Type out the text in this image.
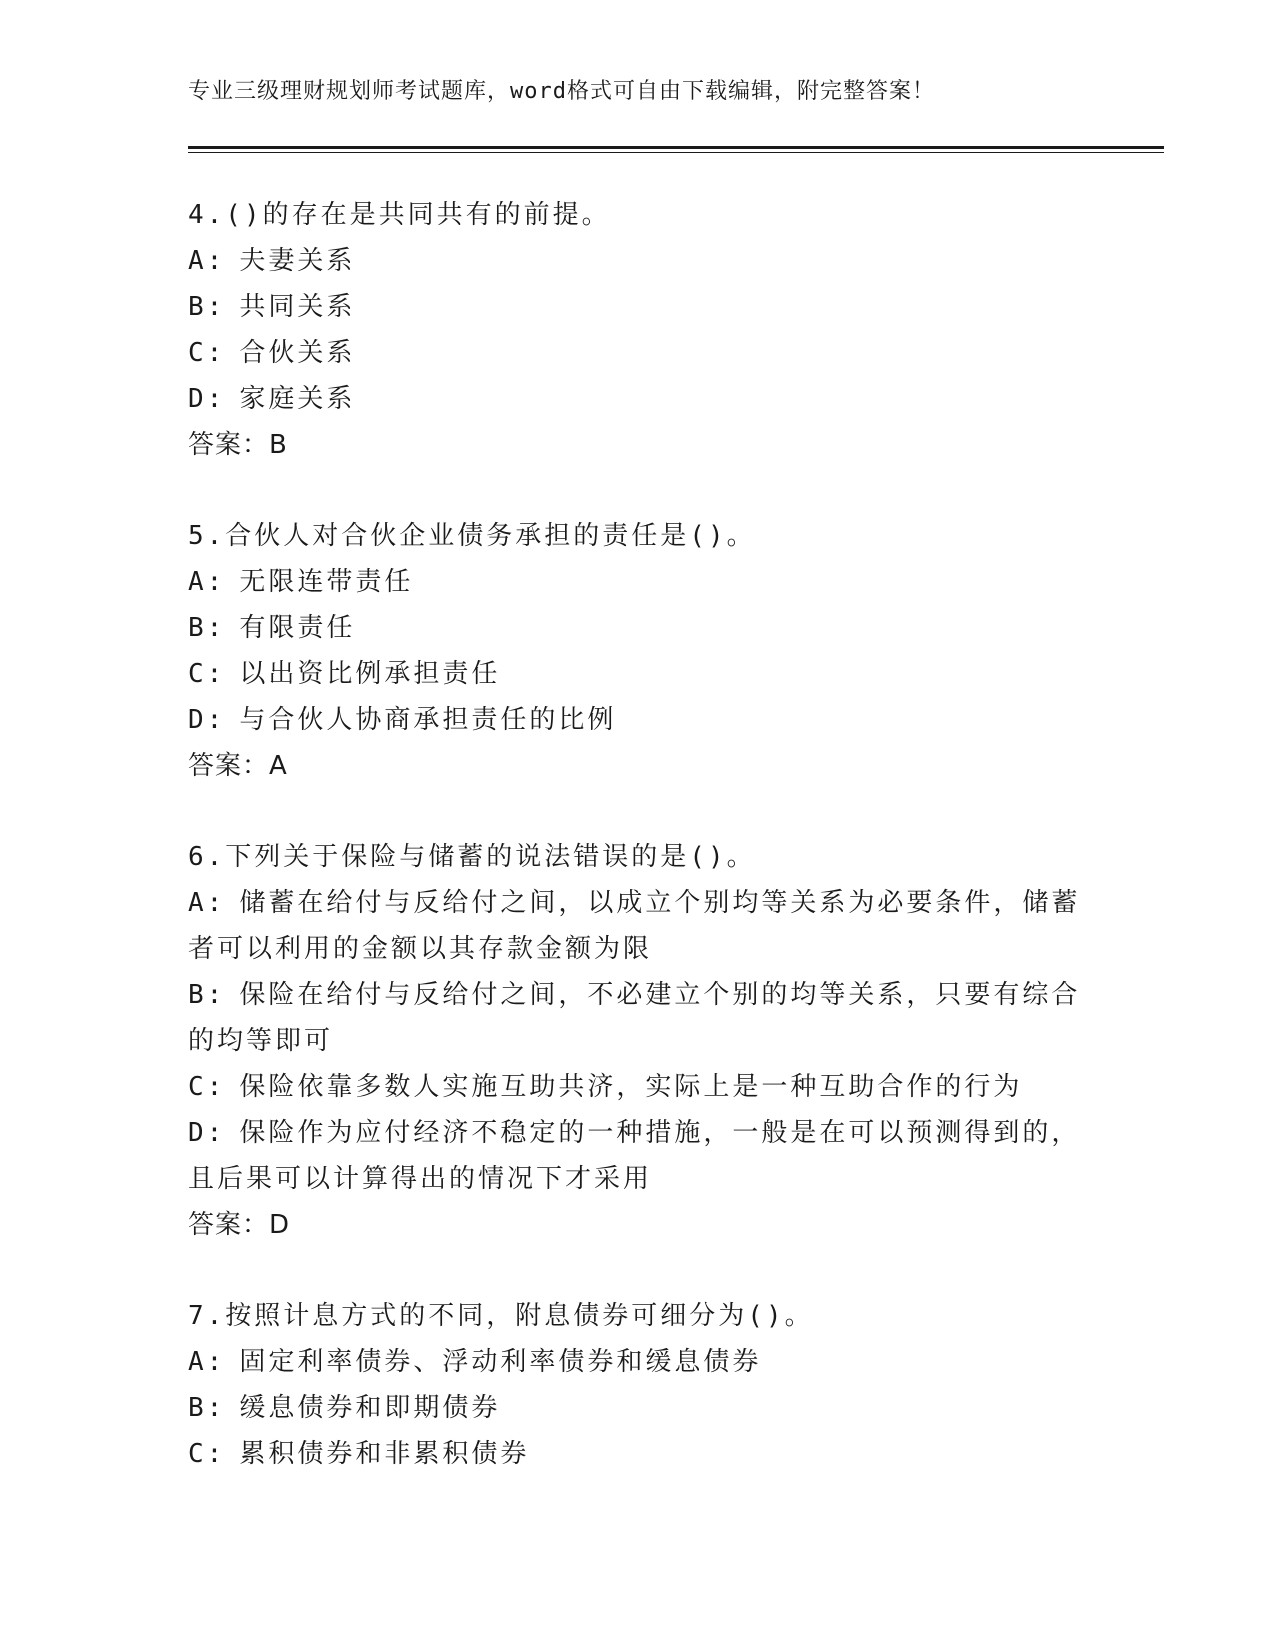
专业三级理财规划师考试题库，word格式可自由下载编辑，附完整答案！
4.()的存在是共同共有的前提。
A: 夫妻关系
B: 共同关系
C: 合伙关系
D: 家庭关系
答案：B
5.合伙人对合伙企业债务承担的责任是()。
A: 无限连带责任
B: 有限责任
C: 以出资比例承担责任
D: 与合伙人协商承担责任的比例
答案：A
6.下列关于保险与储蓄的说法错误的是()。
A: 储蓄在给付与反给付之间，以成立个别均等关系为必要条件，储蓄
者可以利用的金额以其存款金额为限
B: 保险在给付与反给付之间，不必建立个别的均等关系，只要有综合
的均等即可
C: 保险依靠多数人实施互助共济，实际上是一种互助合作的行为
D: 保险作为应付经济不稳定的一种措施，一般是在可以预测得到的，
且后果可以计算得出的情况下才采用
答案：D
7.按照计息方式的不同，附息债券可细分为()。
A: 固定利率债券、浮动利率债券和缓息债券
B: 缓息债券和即期债券
C: 累积债券和非累积债券
